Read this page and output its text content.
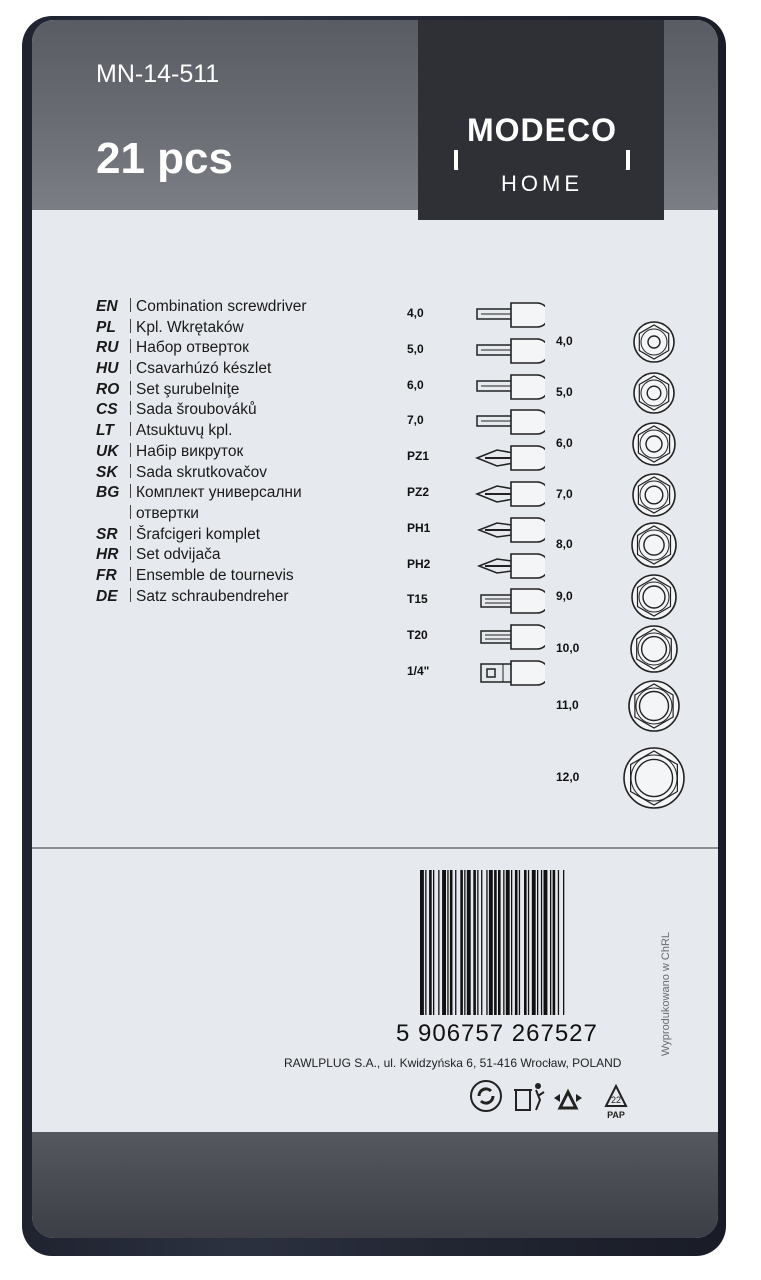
MN-14-511
21 pcs
MODECO
HOME
EN Combination screwdriver
PL Kpl. Wkrętaków
RU Набор отверток
HU Csavarhúzó készlet
RO Set şurubelniţe
CS Sada šroubováků
LT Atsuktuvų kpl.
UK Набір викруток
SK Sada skrutkovačov
BG Комплект универсални
отвертки
SR Šrafcigeri komplet
HR Set odvijača
FR Ensemble de tournevis
DE Satz schraubendreher
4,0
5,0
6,0
7,0
PZ1
PZ2
PH1
PH2
T15
T20
1/4"
4,0
5,0
6,0
7,0
8,0
9,0
10,0
11,0
12,0
5 906757 267527	Wyprodukowano w ChRL
RAWLPLUG S.A., ul. Kwidzyńska 6, 51-416 Wrocław, POLAND
22
PAP
